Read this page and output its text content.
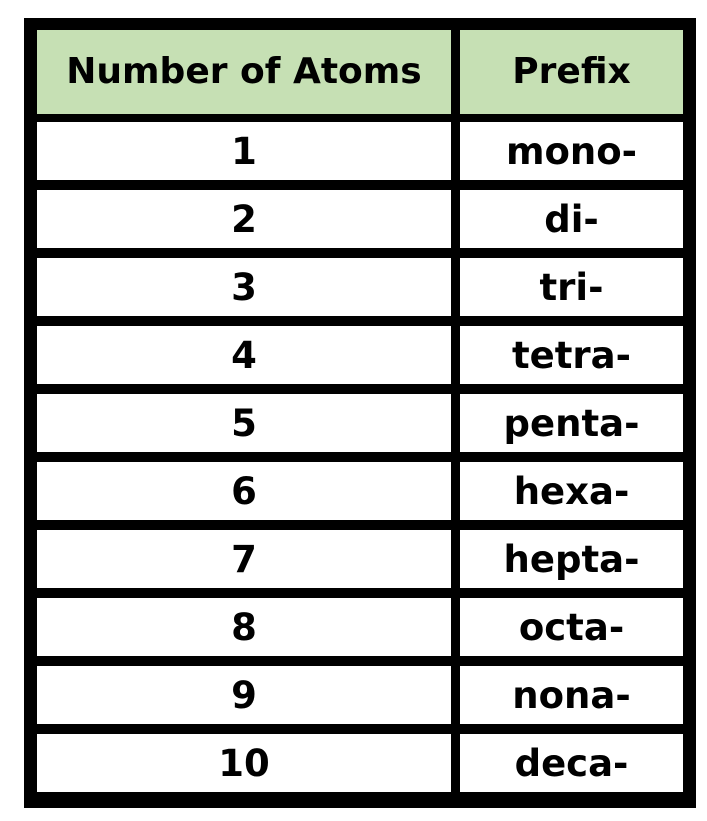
Number of Atoms	Prefix
1	mono-
2	di-
3	tri-
4	tetra-
5	penta-
6	hexa-
7	hepta-
8	octa-
9	nona-
10	deca-
